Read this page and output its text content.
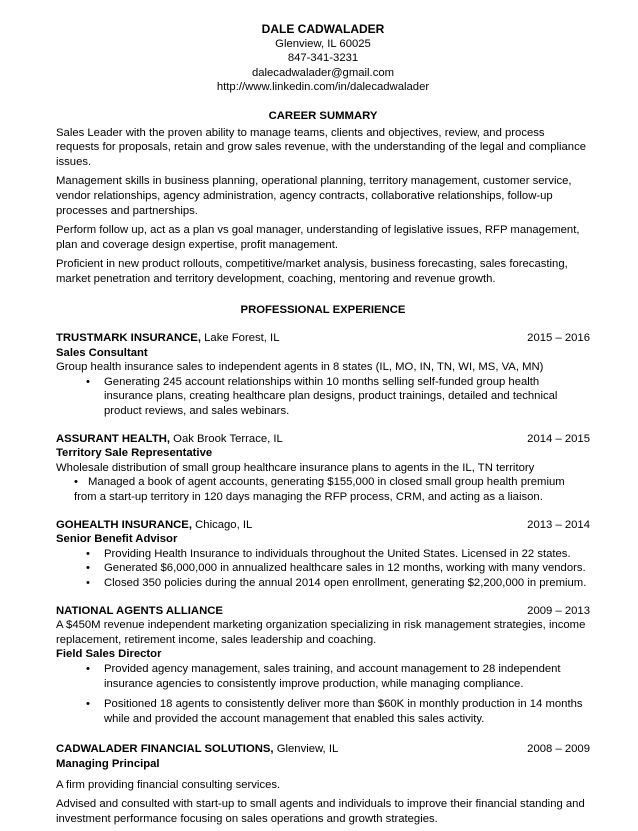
DALE CADWALADER
Glenview, IL 60025
847-341-3231
dalecadwalader@gmail.com
http://www.linkedin.com/in/dalecadwalader
CAREER SUMMARY

Sales Leader with the proven ability to manage teams, clients and objectives, review, and process requests for proposals, retain and grow sales revenue, with the understanding of the legal and compliance issues.

Management skills in business planning, operational planning, territory management, customer service, vendor relationships, agency administration, agency contracts, collaborative relationships, follow-up processes and partnerships.

Perform follow up, act as a plan vs goal manager, understanding of legislative issues, RFP management, plan and coverage design expertise, profit management.

Proficient in new product rollouts, competitive/market analysis, business forecasting, sales forecasting, market penetration and territory development, coaching, mentoring and revenue growth.

PROFESSIONAL EXPERIENCE
TRUSTMARK INSURANCE, Lake Forest, IL	2015 – 2016
Sales Consultant
Group health insurance sales to independent agents in 8 states (IL, MO, IN, TN, WI, MS, VA, MN)
• Generating 245 account relationships within 10 months selling self-funded group health insurance plans, creating healthcare plan designs, product trainings, detailed and technical product reviews, and sales webinars.
ASSURANT HEALTH, Oak Brook Terrace, IL	2014 – 2015
Territory Sale Representative
Wholesale distribution of small group healthcare insurance plans to agents in the IL, TN territory
• Managed a book of agent accounts, generating $155,000 in closed small group health premium from a start-up territory in 120 days managing the RFP process, CRM, and acting as a liaison.
GOHEALTH INSURANCE, Chicago, IL	2013 – 2014
Senior Benefit Advisor
• Providing Health Insurance to individuals throughout the United States. Licensed in 22 states.
• Generated $6,000,000 in annualized healthcare sales in 12 months, working with many vendors.
• Closed 350 policies during the annual 2014 open enrollment, generating $2,200,000 in premium.
NATIONAL AGENTS ALLIANCE	2009 – 2013
A $450M revenue independent marketing organization specializing in risk management strategies, income replacement, retirement income, sales leadership and coaching.
Field Sales Director
• Provided agency management, sales training, and account management to 28 independent insurance agencies to consistently improve production, while managing compliance.
• Positioned 18 agents to consistently deliver more than $60K in monthly production in 14 months while and provided the account management that enabled this sales activity.
CADWALADER FINANCIAL SOLUTIONS, Glenview, IL	2008 – 2009
Managing Principal

A firm providing financial consulting services.

Advised and consulted with start-up to small agents and individuals to improve their financial standing and investment performance focusing on sales operations and growth strategies.
